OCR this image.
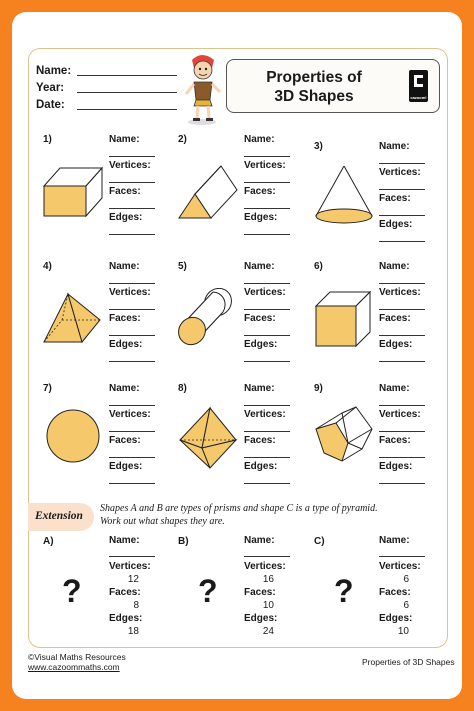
Name:
Year:
Date:
Properties of
3D Shapes	cazoom!
1)	Name:
Vertices:
Faces:
Edges:
2)	Name:
Vertices:
Faces:
Edges:
3)	Name:
Vertices:
Faces:
Edges:
4)	Name:
Vertices:
Faces:
Edges:
5)	Name:
Vertices:
Faces:
Edges:
6)	Name:
Vertices:
Faces:
Edges:
7)	Name:
Vertices:
Faces:
Edges:
8)	Name:
Vertices:
Faces:
Edges:
9)	Name:
Vertices:
Faces:
Edges:
Extension
Shapes A and B are types of prisms and shape C is a type of pyramid. Work out what shapes they are.
A)
?
Name:
Vertices:
12
Faces:
8
Edges:
18
B)
?
Name:
Vertices:
16
Faces:
10
Edges:
24
C)
?
Name:
Vertices:
6
Faces:
6
Edges:
10
©Visual Maths Resources
www.cazoommaths.com	Properties of 3D Shapes
